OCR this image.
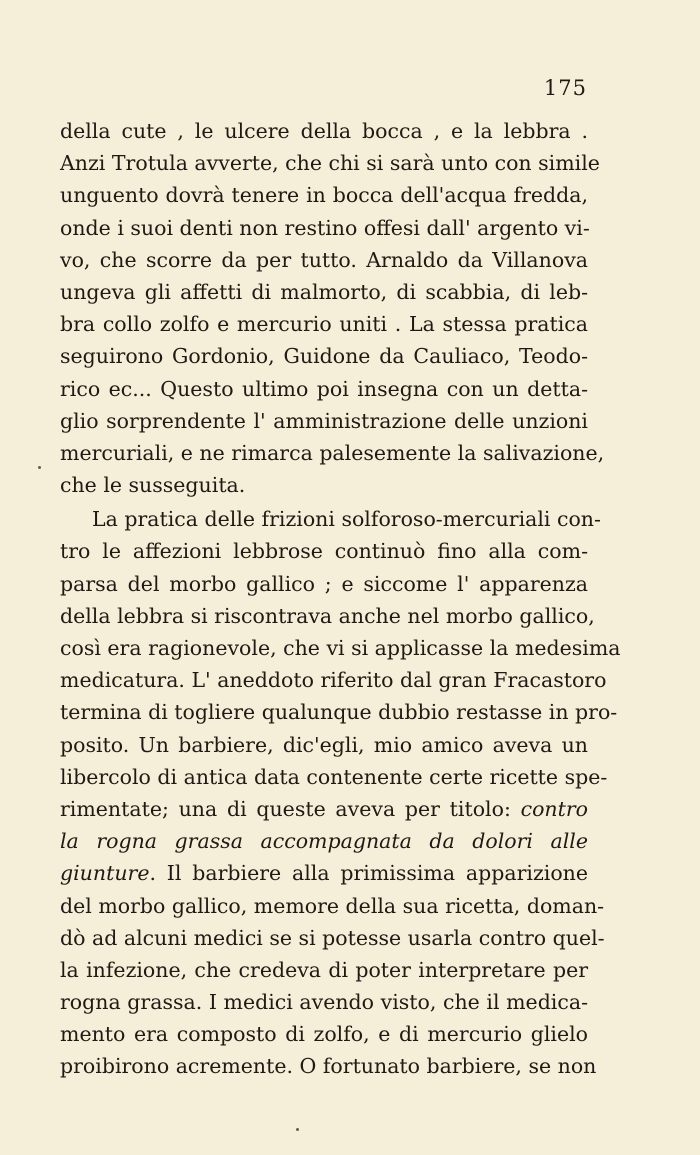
175
della cute , le ulcere della bocca , e la lebbra .
Anzi Trotula avverte, che chi si sarà unto con simile
unguento dovrà tenere in bocca dell'acqua fredda,
onde i suoi denti non restino offesi dall' argento vi-
vo, che scorre da per tutto. Arnaldo da Villanova
ungeva gli affetti di malmorto, di scabbia, di leb-
bra collo zolfo e mercurio uniti . La stessa pratica
seguirono Gordonio, Guidone da Cauliaco, Teodo-
rico ec... Questo ultimo poi insegna con un detta-
glio sorprendente l' amministrazione delle unzioni
mercuriali, e ne rimarca palesemente la salivazione,
che le susseguita.
La pratica delle frizioni solforoso-mercuriali con-
tro le affezioni lebbrose continuò fino alla com-
parsa del morbo gallico ; e siccome l' apparenza
della lebbra si riscontrava anche nel morbo gallico,
così era ragionevole, che vi si applicasse la medesima
medicatura. L' aneddoto riferito dal gran Fracastoro
termina di togliere qualunque dubbio restasse in pro-
posito. Un barbiere, dic'egli, mio amico aveva un
libercolo di antica data contenente certe ricette spe-
rimentate; una di queste aveva per titolo: contro
la rogna grassa accompagnata da dolori alle
giunture. Il barbiere alla primissima apparizione
del morbo gallico, memore della sua ricetta, doman-
dò ad alcuni medici se si potesse usarla contro quel-
la infezione, che credeva di poter interpretare per
rogna grassa. I medici avendo visto, che il medica-
mento era composto di zolfo, e di mercurio glielo
proibirono acremente. O fortunato barbiere, se non
